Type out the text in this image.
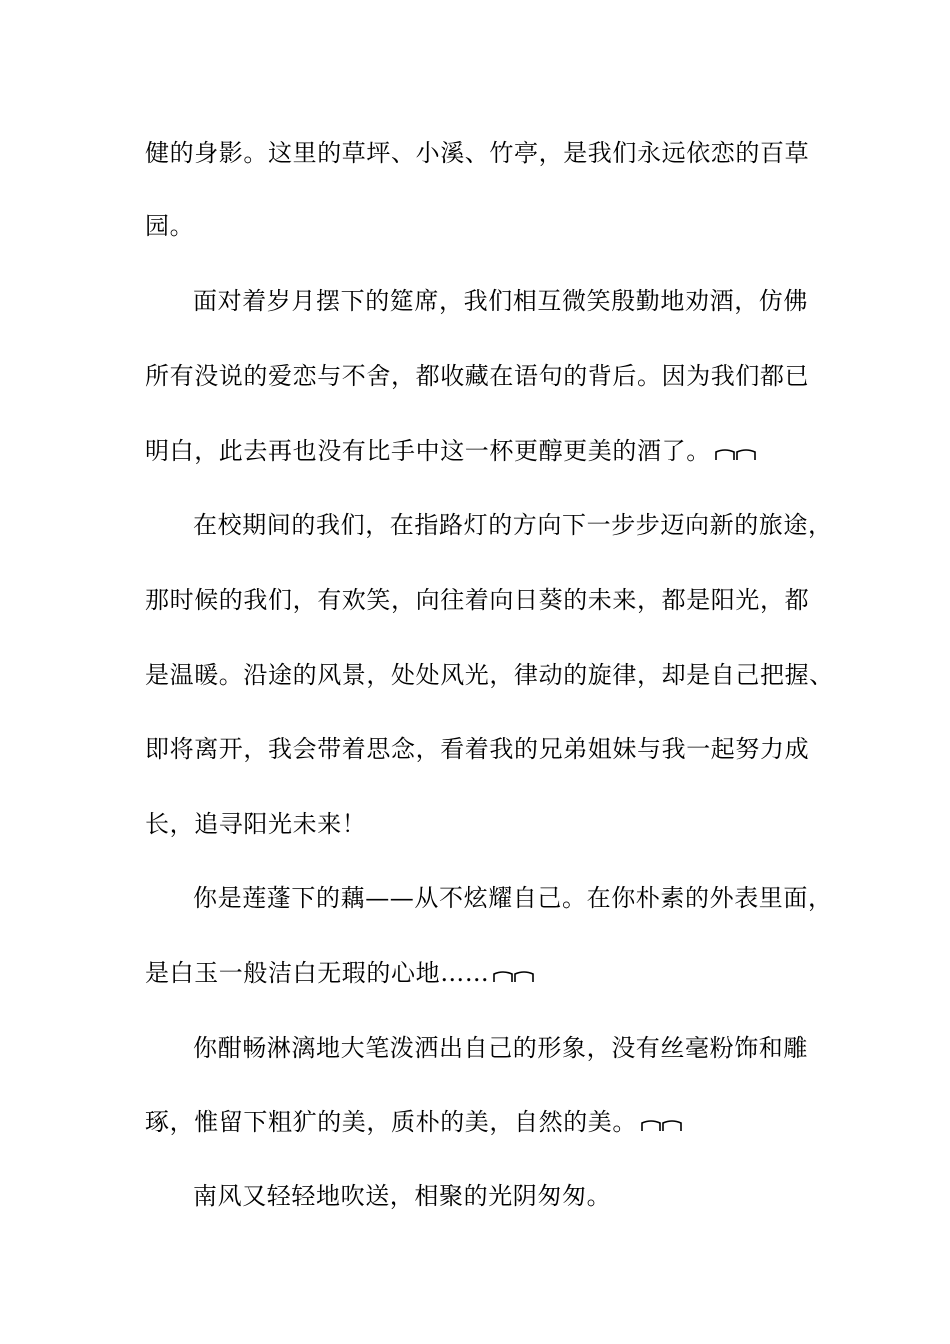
健的身影。这里的草坪、小溪、竹亭，是我们永远依恋的百草
园。
面对着岁月摆下的筵席，我们相互微笑殷勤地劝酒，仿佛
所有没说的爱恋与不舍，都收藏在语句的背后。因为我们都已
明白，此去再也没有比手中这一杯更醇更美的酒了。
在校期间的我们，在指路灯的方向下一步步迈向新的旅途，
那时候的我们，有欢笑，向往着向日葵的未来，都是阳光，都
是温暖。沿途的风景，处处风光，律动的旋律，却是自己把握、
即将离开，我会带着思念，看着我的兄弟姐妹与我一起努力成
长，追寻阳光未来！
你是莲蓬下的藕——从不炫耀自己。在你朴素的外表里面，
是白玉一般洁白无瑕的心地……
你酣畅淋漓地大笔泼洒出自己的形象，没有丝毫粉饰和雕
琢，惟留下粗犷的美，质朴的美，自然的美。
南风又轻轻地吹送，相聚的光阴匆匆。
